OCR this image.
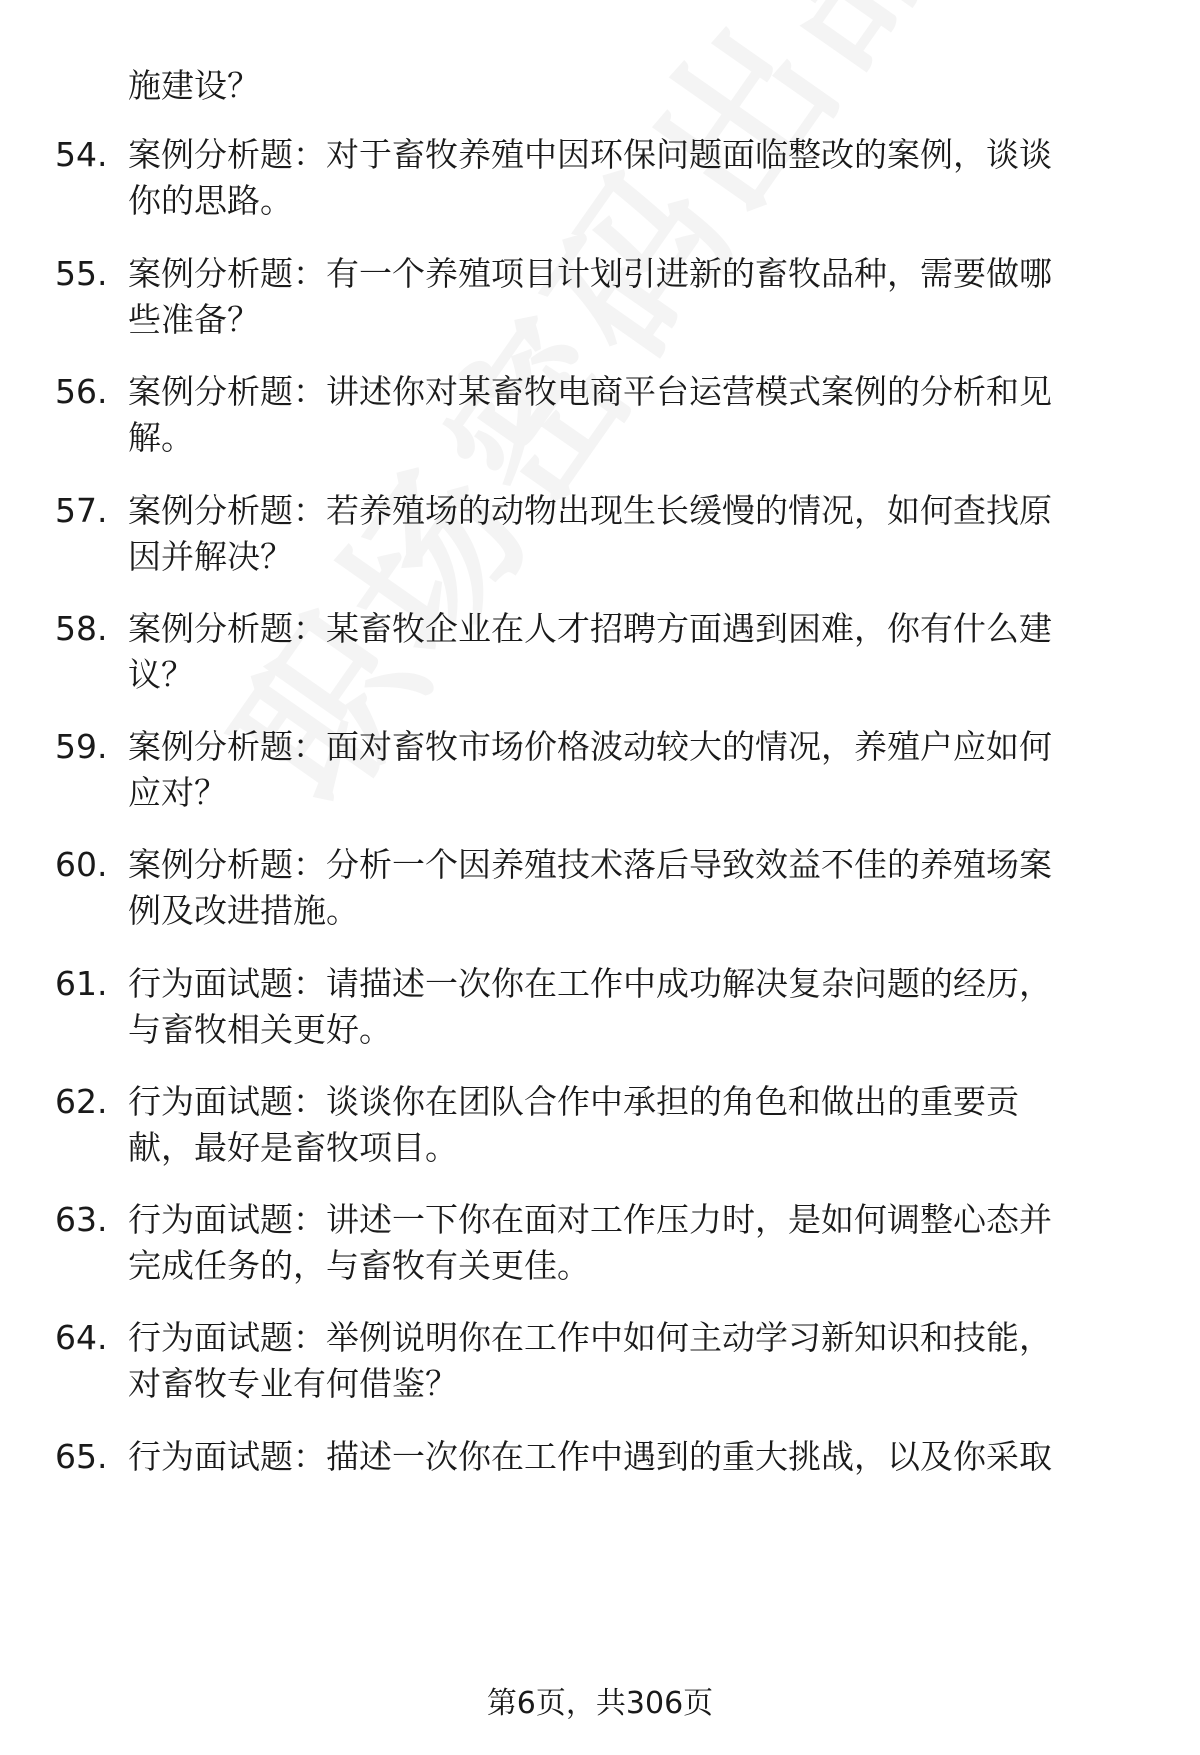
施建设？
54. 案例分析题：对于畜牧养殖中因环保问题面临整改的案例，谈谈
你的思路。
55. 案例分析题：有一个养殖项目计划引进新的畜牧品种，需要做哪
些准备？
56. 案例分析题：讲述你对某畜牧电商平台运营模式案例的分析和见
解。
57. 案例分析题：若养殖场的动物出现生长缓慢的情况，如何查找原
因并解决？
58. 案例分析题：某畜牧企业在人才招聘方面遇到困难，你有什么建
议？
59. 案例分析题：面对畜牧市场价格波动较大的情况，养殖户应如何
应对？
60. 案例分析题：分析一个因养殖技术落后导致效益不佳的养殖场案
例及改进措施。
61. 行为面试题：请描述一次你在工作中成功解决复杂问题的经历，
与畜牧相关更好。
62. 行为面试题：谈谈你在团队合作中承担的角色和做出的重要贡
献，最好是畜牧项目。
63. 行为面试题：讲述一下你在面对工作压力时，是如何调整心态并
完成任务的，与畜牧有关更佳。
64. 行为面试题：举例说明你在工作中如何主动学习新知识和技能，
对畜牧专业有何借鉴？
65. 行为面试题：描述一次你在工作中遇到的重大挑战，以及你采取
第6页，共306页
